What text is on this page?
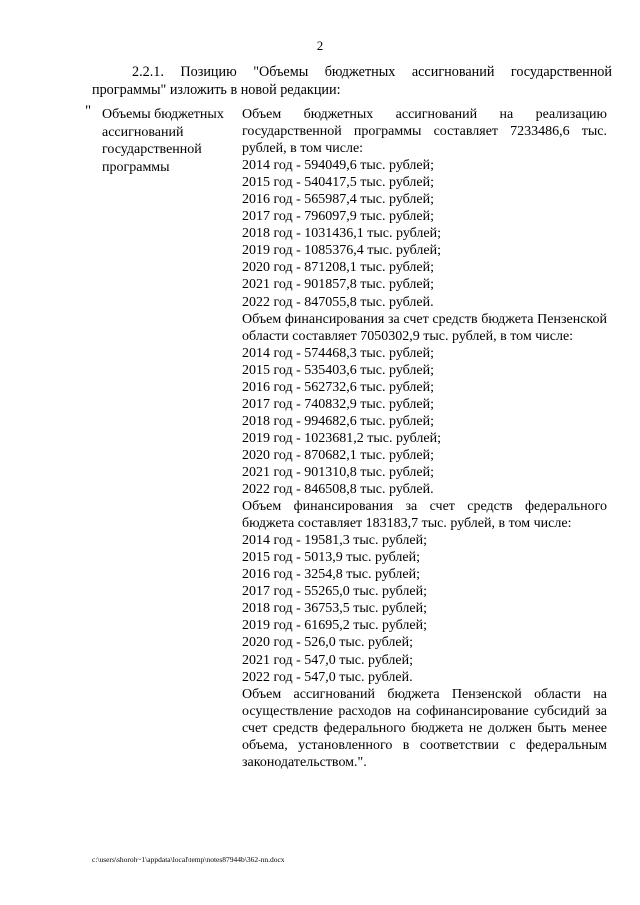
2
2.2.1. Позицию "Объемы бюджетных ассигнований государственной программы" изложить в новой редакции:
" Объемы бюджетных ассигнований государственной программы
Объем бюджетных ассигнований на реализацию государственной программы составляет 7233486,6 тыс. рублей, в том числе:
2014 год - 594049,6 тыс. рублей;
2015 год - 540417,5 тыс. рублей;
2016 год - 565987,4 тыс. рублей;
2017 год - 796097,9 тыс. рублей;
2018 год - 1031436,1 тыс. рублей;
2019 год - 1085376,4 тыс. рублей;
2020 год - 871208,1 тыс. рублей;
2021 год - 901857,8 тыс. рублей;
2022 год - 847055,8 тыс. рублей.
Объем финансирования за счет средств бюджета Пензенской области составляет 7050302,9 тыс. рублей, в том числе:
2014 год - 574468,3 тыс. рублей;
2015 год - 535403,6 тыс. рублей;
2016 год - 562732,6 тыс. рублей;
2017 год - 740832,9 тыс. рублей;
2018 год - 994682,6 тыс. рублей;
2019 год - 1023681,2 тыс. рублей;
2020 год - 870682,1 тыс. рублей;
2021 год - 901310,8 тыс. рублей;
2022 год - 846508,8 тыс. рублей.
Объем финансирования за счет средств федерального бюджета составляет 183183,7 тыс. рублей, в том числе:
2014 год - 19581,3 тыс. рублей;
2015 год - 5013,9 тыс. рублей;
2016 год - 3254,8 тыс. рублей;
2017 год - 55265,0 тыс. рублей;
2018 год - 36753,5 тыс. рублей;
2019 год - 61695,2 тыс. рублей;
2020 год - 526,0 тыс. рублей;
2021 год - 547,0 тыс. рублей;
2022 год - 547,0 тыс. рублей.
Объем ассигнований бюджета Пензенской области на осуществление расходов на софинансирование субсидий за счет средств федерального бюджета не должен быть менее объема, установленного в соответствии с федеральным законодательством.".
c:\users\shoroh~1\appdata\local\temp\notes87944b\362-nn.docx
